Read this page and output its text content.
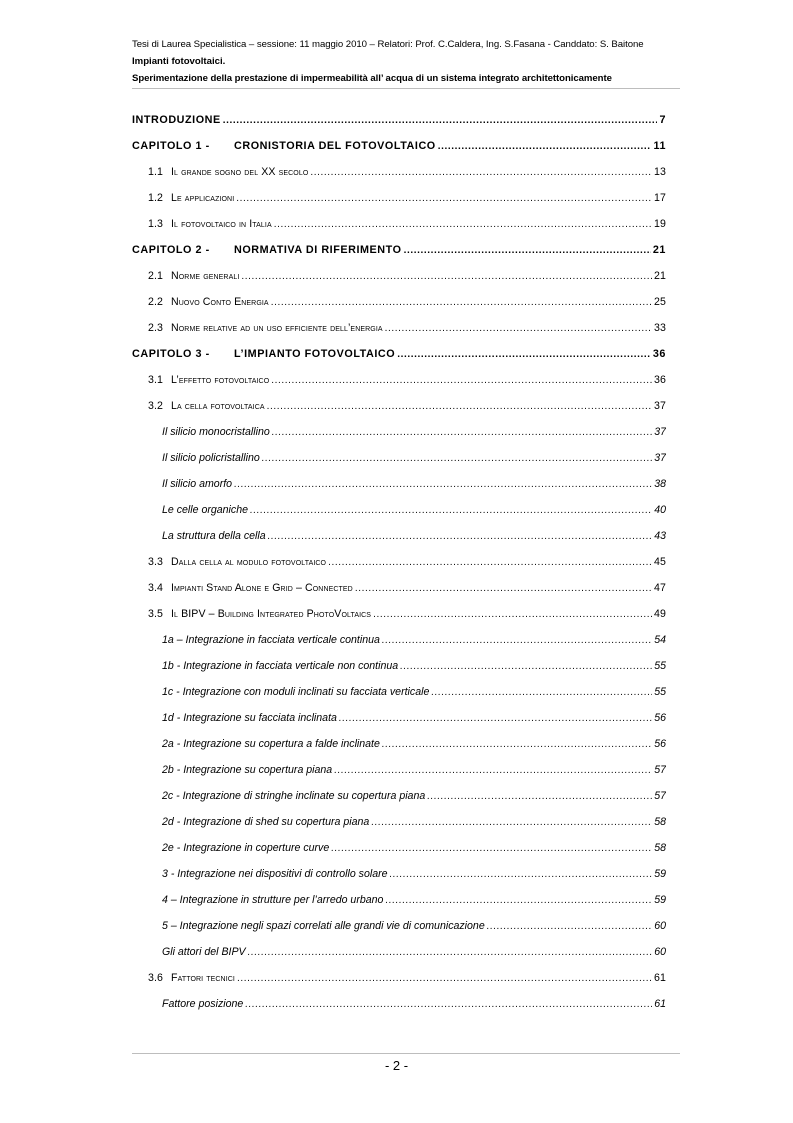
Tesi di Laurea Specialistica – sessione: 11 maggio 2010 – Relatori: Prof. C.Caldera, Ing. S.Fasana - Canddato: S. Baitone
Impianti fotovoltaici.
Sperimentazione della prestazione di impermeabilità all’ acqua di un sistema integrato architettonicamente
INTRODUZIONE .....	7
CAPITOLO 1 -	CRONISTORIA DEL FOTOVOLTAICO .....	11
1.1 Il grande sogno del XX secolo .....	13
1.2 Le applicazioni .....	17
1.3 Il fotovoltaico in Italia .....	19
CAPITOLO 2 -	NORMATIVA DI RIFERIMENTO .....	21
2.1 Norme generali .....	21
2.2 Nuovo Conto Energia .....	25
2.3 Norme relative ad un uso efficiente dell’energia .....	33
CAPITOLO 3 -	L’IMPIANTO FOTOVOLTAICO .....	36
3.1 L’effetto fotovoltaico .....	36
3.2 La cella fotovoltaica .....	37
Il silicio monocristallino .....	37
Il silicio policristallino .....	37
Il silicio amorfo .....	38
Le celle organiche .....	40
La struttura della cella .....	43
3.3 Dalla cella al modulo fotovoltaico .....	45
3.4 Impianti Stand Alone e Grid – Connected .....	47
3.5 Il BIPV – Building Integrated PhotoVoltaics .....	49
1a – Integrazione in facciata verticale continua .....	54
1b - Integrazione in facciata verticale non continua .....	55
1c - Integrazione con moduli inclinati su facciata verticale .....	55
1d - Integrazione su facciata inclinata .....	56
2a - Integrazione su copertura a falde inclinate .....	56
2b - Integrazione su copertura piana .....	57
2c - Integrazione di stringhe inclinate su copertura piana .....	57
2d - Integrazione di shed su copertura piana .....	58
2e - Integrazione in coperture curve .....	58
3 - Integrazione nei dispositivi di controllo solare .....	59
4 – Integrazione in strutture per l’arredo urbano .....	59
5 – Integrazione negli spazi correlati alle grandi vie di comunicazione .....	60
Gli attori del BIPV .....	60
3.6 Fattori tecnici .....	61
Fattore posizione .....	61
- 2 -
